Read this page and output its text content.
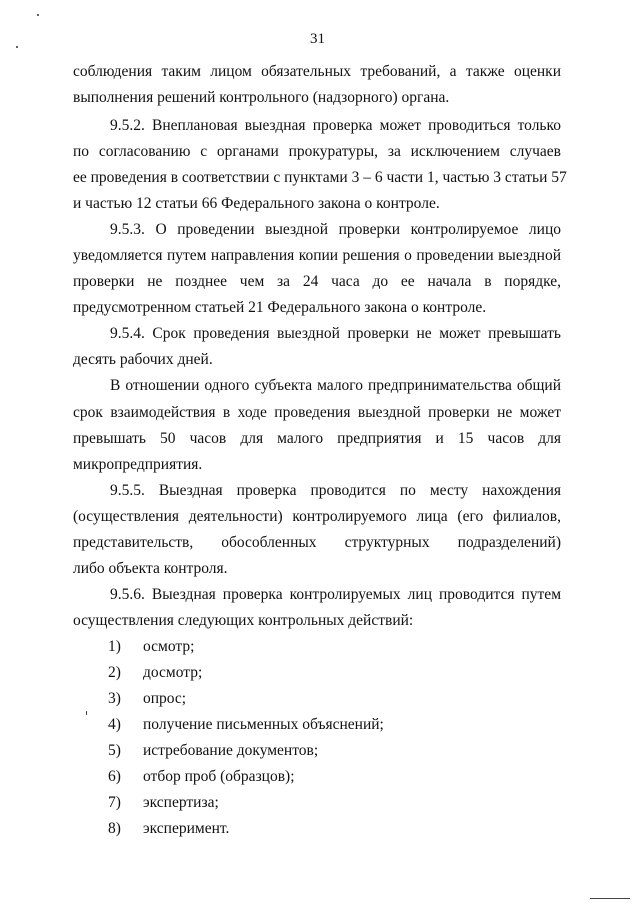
31
соблюдения таким лицом обязательных требований, а также оценки
выполнения решений контрольного (надзорного) органа.
9.5.2. Внеплановая выездная проверка может проводиться только
по согласованию с органами прокуратуры, за исключением случаев
ее проведения в соответствии с пунктами 3 – 6 части 1, частью 3 статьи 57
и частью 12 статьи 66 Федерального закона о контроле.
9.5.3. О проведении выездной проверки контролируемое лицо
уведомляется путем направления копии решения о проведении выездной
проверки не позднее чем за 24 часа до ее начала в порядке,
предусмотренном статьей 21 Федерального закона о контроле.
9.5.4. Срок проведения выездной проверки не может превышать
десять рабочих дней.
В отношении одного субъекта малого предпринимательства общий
срок взаимодействия в ходе проведения выездной проверки не может
превышать 50 часов для малого предприятия и 15 часов для
микропредприятия.
9.5.5. Выездная проверка проводится по месту нахождения
(осуществления деятельности) контролируемого лица (его филиалов,
представительств, обособленных структурных подразделений)
либо объекта контроля.
9.5.6. Выездная проверка контролируемых лиц проводится путем
осуществления следующих контрольных действий:
1) осмотр;
2) досмотр;
3) опрос;
4) получение письменных объяснений;
5) истребование документов;
6) отбор проб (образцов);
7) экспертиза;
8) эксперимент.
